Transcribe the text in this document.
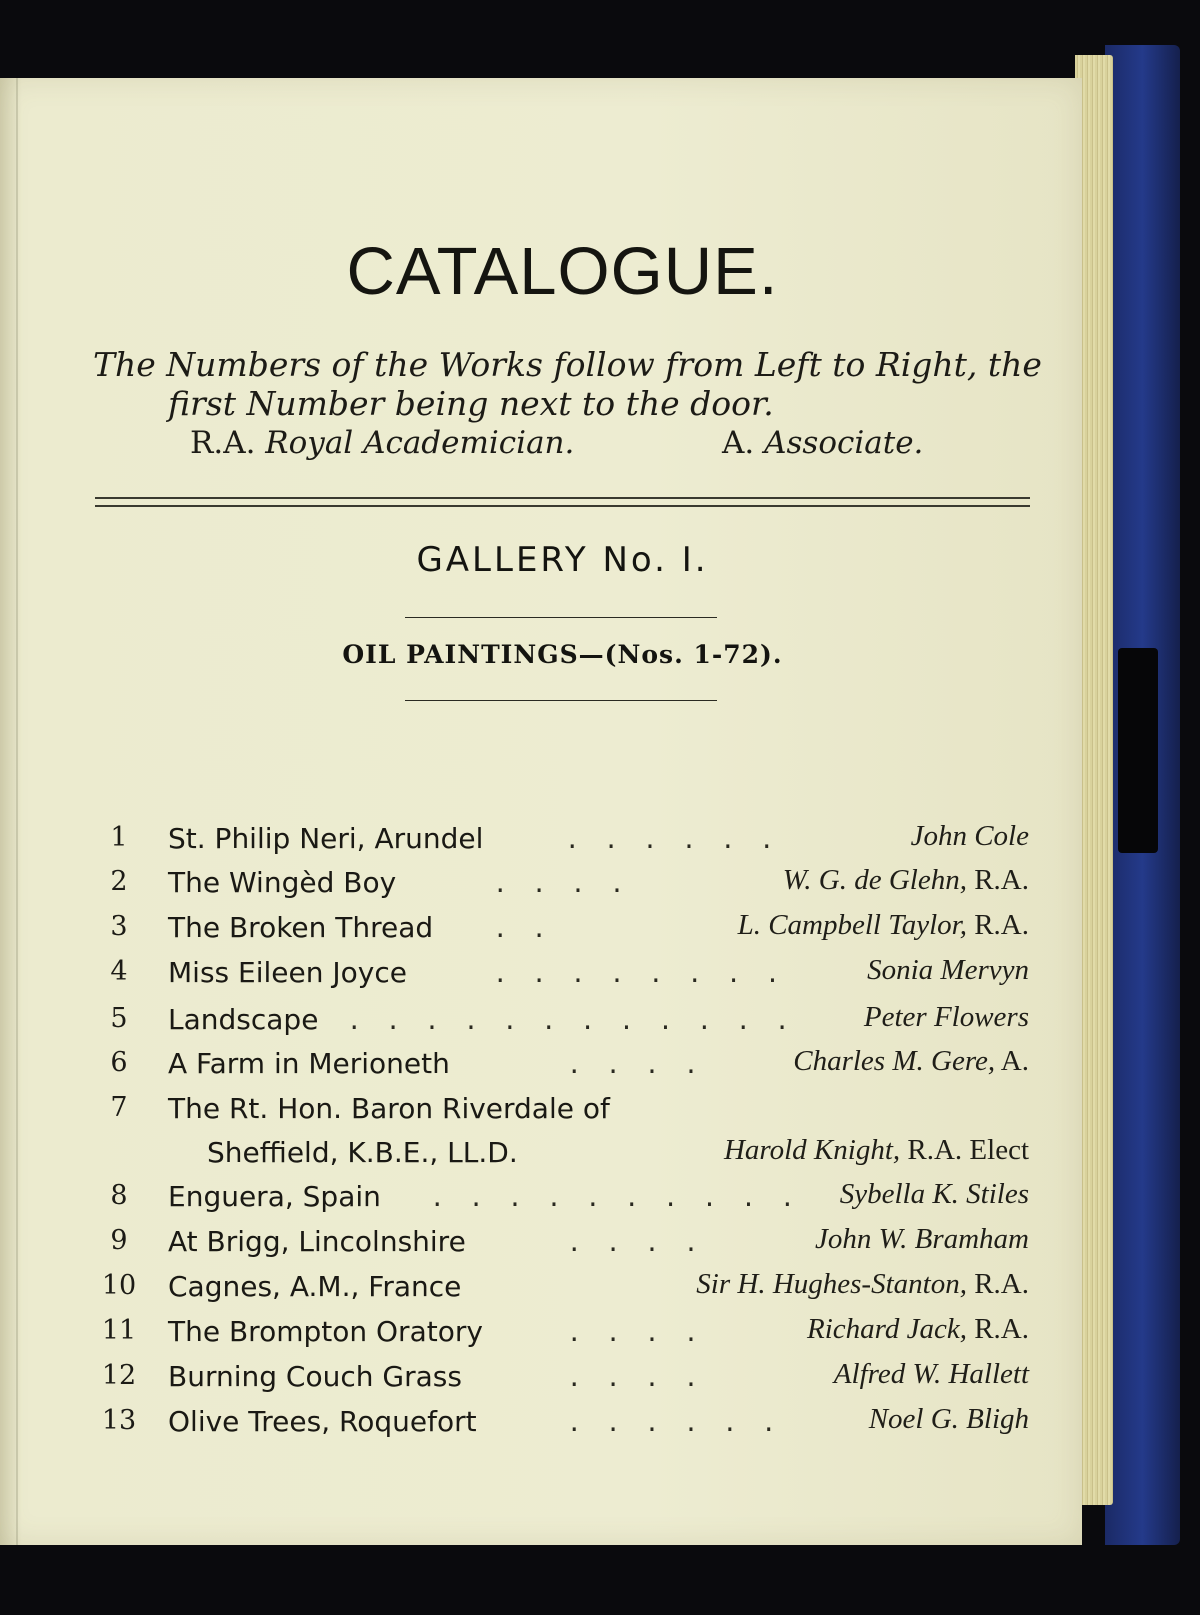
CATALOGUE.
The Numbers of the Works follow from Left to Right, the
first Number being next to the door.
R.A. Royal Academician.	A. Associate.
GALLERY No. I.
OIL PAINTINGS—(Nos. 1-72).
1	St. Philip Neri, Arundel	. . . . . .	John Cole
2	The Wingèd Boy	. . . .	W. G. de Glehn, R.A.
3	The Broken Thread . .	L. Campbell Taylor, R.A.
4	Miss Eileen Joyce	. . . . . . . .	Sonia Mervyn
5	Landscape . . . . . . . . . . . . Peter Flowers
6	A Farm in Merioneth	. . . .	Charles M. Gere, A.
7	The Rt. Hon. Baron Riverdale of
Sheffield, K.B.E., LL.D.	Harold Knight, R.A. Elect
8	Enguera, Spain . . . . . . . . . . Sybella K. Stiles
9	At Brigg, Lincolnshire	. . . .	John W. Bramham
10 Cagnes, A.M., France	Sir H. Hughes-Stanton, R.A.
11 The Brompton Oratory	. . . .	Richard Jack, R.A.
12 Burning Couch Grass	. . . .	Alfred W. Hallett
13 Olive Trees, Roquefort	. . . . . .	Noel G. Bligh
